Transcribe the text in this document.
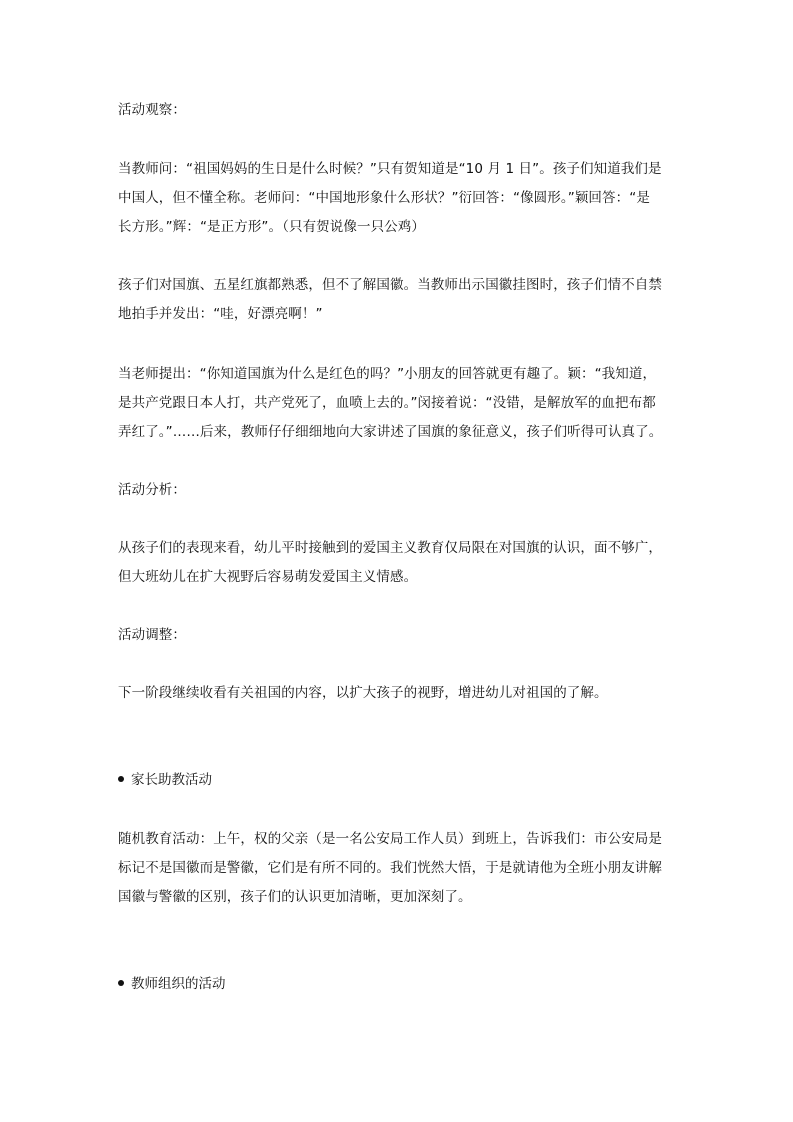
活动观察：
当教师问：“祖国妈妈的生日是什么时候？”只有贺知道是“10 月 1 日”。孩子们知道我们是
中国人，但不懂全称。老师问：“中国地形象什么形状？”衍回答：“像圆形。”颖回答：“是
长方形。”辉：“是正方形”。（只有贺说像一只公鸡）
孩子们对国旗、五星红旗都熟悉，但不了解国徽。当教师出示国徽挂图时，孩子们情不自禁
地拍手并发出：“哇，好漂亮啊！”
当老师提出：“你知道国旗为什么是红色的吗？”小朋友的回答就更有趣了。颖：“我知道，
是共产党跟日本人打，共产党死了，血喷上去的。”闵接着说：“没错，是解放军的血把布都
弄红了。”……后来，教师仔仔细细地向大家讲述了国旗的象征意义，孩子们听得可认真了。
活动分析：
从孩子们的表现来看，幼儿平时接触到的爱国主义教育仅局限在对国旗的认识，面不够广，
但大班幼儿在扩大视野后容易萌发爱国主义情感。
活动调整：
下一阶段继续收看有关祖国的内容，以扩大孩子的视野，增进幼儿对祖国的了解。
家长助教活动
随机教育活动：上午，权的父亲（是一名公安局工作人员）到班上，告诉我们：市公安局是
标记不是国徽而是警徽，它们是有所不同的。我们恍然大悟，于是就请他为全班小朋友讲解
国徽与警徽的区别，孩子们的认识更加清晰，更加深刻了。
教师组织的活动
